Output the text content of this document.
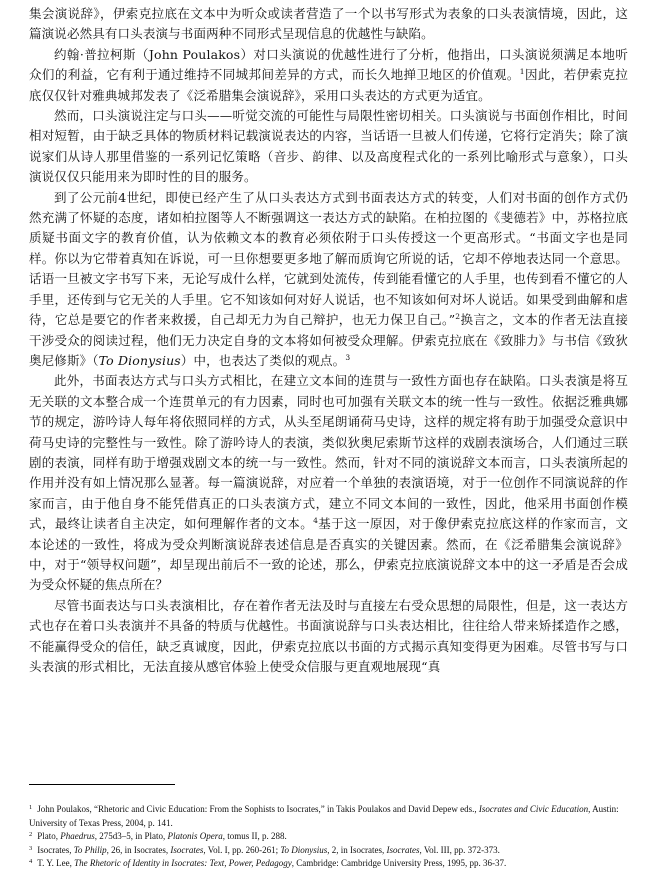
集会演说辞》，伊索克拉底在文本中为听众或读者营造了一个以书写形式为表象的口头表演情境，因此，这篇演说必然具有口头表演与书面两种不同形式呈现信息的优越性与缺陷。

约翰·普拉柯斯（John Poulakos）对口头演说的优越性进行了分析，他指出，口头演说须满足本地听众们的利益，它有利于通过维持不同城邦间差异的方式，而长久地掸卫地区的价值观。$^1$因此，若伊索克拉底仅仅针对雅典城邦发表了《泛希腊集会演说辞》，采用口头表达的方式更为适宜。

然而，口头演说注定与口头——听觉交流的可能性与局限性密切相关。口头演说与书面创作相比，时间相对短暂，由于缺乏具体的物质材料记载演说表达的内容，当话语一旦被人们传递，它将行定消失；除了演说家们从诗人那里借鉴的一系列记忆策略（音步、韵律、以及高度程式化的一系列比喻形式与意象），口头演说仅仅只能用来为即时性的目的服务。

到了公元前4世纪，即使已经产生了从口头表达方式到书面表达方式的转变，人们对书面的创作方式仍然充满了怀疑的态度，诸如柏拉图等人不断强调这一表达方式的缺陷。在柏拉图的《斐德若》中，苏格拉底质疑书面文字的教育价值，认为依赖文本的教育必须依附于口头传授这一个更高形式。“书面文字也是同样。你以为它带着真知在诉说，可一旦你想要更多地了解而质询它所说的话，它却不停地表达同一个意思。话语一旦被文字书写下来，无论写成什么样，它就到处流传，传到能看懂它的人手里，也传到看不懂它的人手里，还传到与它无关的人手里。它不知该如何对好人说话，也不知该如何对坏人说话。如果受到曲解和虐待，它总是要它的作者来救援，自己却无力为自己辩护，也无力保卫自己。”$^2$换言之，文本的作者无法直接干涉受众的阅读过程，他们无力决定自身的文本将如何被受众理解。伊索克拉底在《致腓力》与书信《致狄奥尼修斯》（To Dionysius）中，也表达了类似的观点。$^3$

此外，书面表达方式与口头方式相比，在建立文本间的连贯与一致性方面也存在缺陷。口头表演是将互无关联的文本整合成一个连贯单元的有力因素，同时也可加强有关联文本的统一性与一致性。依据泛雅典娜节的规定，游吟诗人每年将依照同样的方式，从头至尾朗诵荷马史诗，这样的规定将有助于加强受众意识中荷马史诗的完整性与一致性。除了游吟诗人的表演，类似狄奥尼索斯节这样的戏剧表演场合，人们通过三联剧的表演，同样有助于增强戏剧文本的统一与一致性。然而，针对不同的演说辞文本而言，口头表演所起的作用并没有如上情况那么显著。每一篇演说辞，对应着一个单独的表演语境，对于一位创作不同演说辞的作家而言，由于他自身不能凭借真正的口头表演方式，建立不同文本间的一致性，因此，他采用书面创作模式，最终让读者自主决定，如何理解作者的文本。$^4$基于这一原因，对于像伊索克拉底这样的作家而言，文本论述的一致性，将成为受众判断演说辞表述信息是否真实的关键因素。然而，在《泛希腊集会演说辞》中，对于“领导权问题”，却呈现出前后不一致的论述，那么，伊索克拉底演说辞文本中的这一矛盾是否会成为受众怀疑的焦点所在？

尽管书面表达与口头表演相比，存在着作者无法及时与直接左右受众思想的局限性，但是，这一表达方式也存在着口头表演并不具备的特质与优越性。书面演说辞与口头表达相比，往往给人带来矫揉造作之感，不能赢得受众的信任，缺乏真诚度，因此，伊索克拉底以书面的方式揭示真知变得更为困难。尽管书写与口头表演的形式相比，无法直接从感官体验上使受众信服与更直观地展现“真

$^1$ John Poulakos, “Rhetoric and Civic Education: From the Sophists to Isocrates,” in Takis Poulakos and David Depew eds., Isocrates and Civic Education, Austin: University of Texas Press, 2004, p. 141.
$^2$ Plato, Phaedrus, 275d3–5, in Plato, Platonis Opera, tomus II, p. 288.
$^3$ Isocrates, To Philip, 26, in Isocrates, Isocrates, Vol. I, pp. 260-261; To Dionysius, 2, in Isocrates, Isocrates, Vol. III, pp. 372-373.
$^4$ T. Y. Lee, The Rhetoric of Identity in Isocrates: Text, Power, Pedagogy, Cambridge: Cambridge University Press, 1995, pp. 36-37.
